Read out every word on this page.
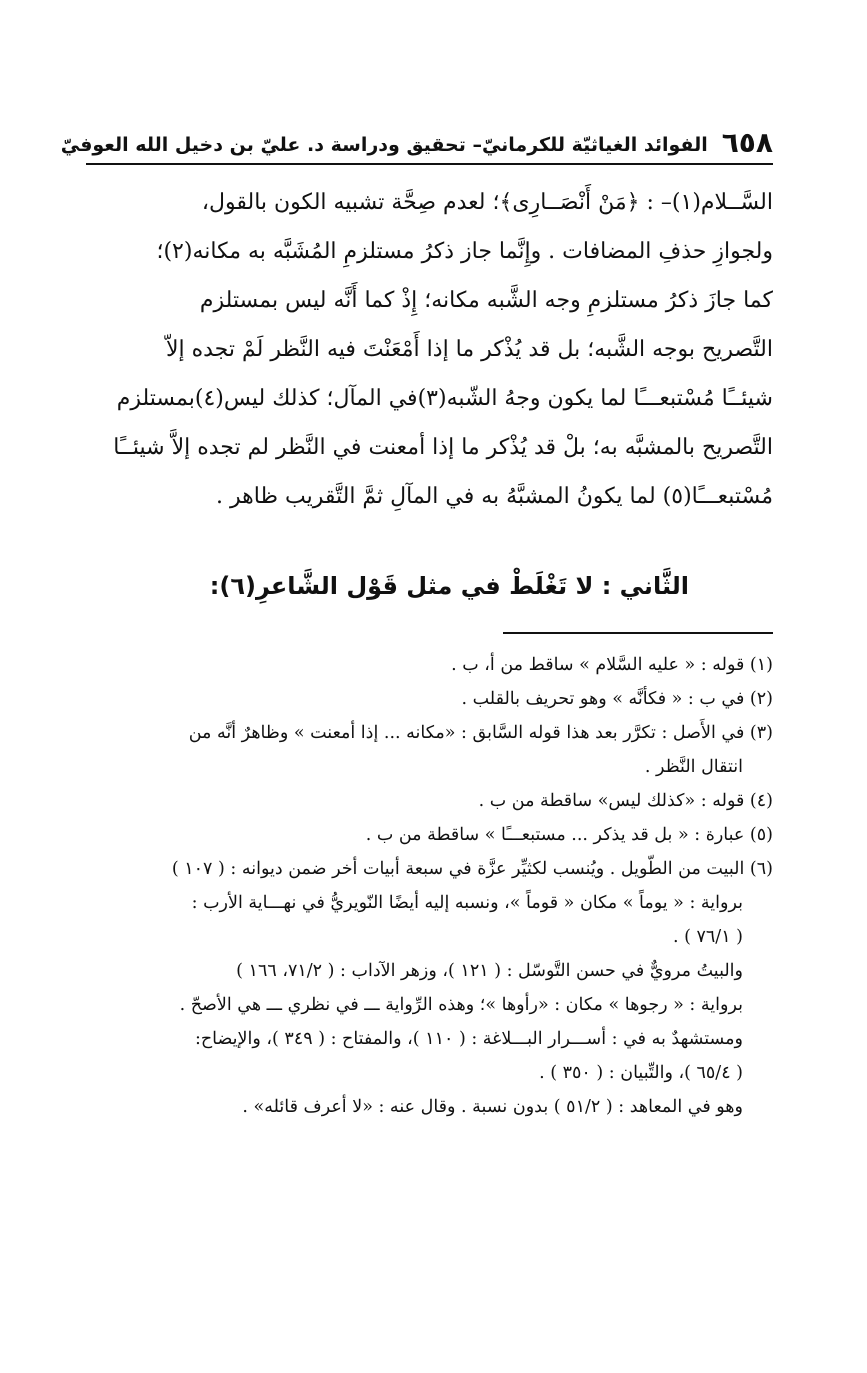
٦٥٨
الفوائد الغياثيّة للكرمانيّ– تحقيق ودراسة د. عليّ بن دخيل الله العوفيّ

السَّــلام(١)– : ﴿مَنْ أَنْصَــارِى﴾؛ لعدم صِحَّة تشبيه الكون بالقول،

ولجوازِ حذفِ المضافات . وإِنَّما جاز ذكرُ مستلزمِ المُشَبَّه به مكانه(٢)؛

كما جازَ ذكرُ مستلزمِ وجه الشَّبه مكانه؛ إِذْ كما أَنَّه ليس بمستلزم

التَّصريح بوجه الشَّبه؛ بل قد يُذْكر ما إذا أَمْعَنْتَ فيه النَّظر لَمْ تجده إلاّ

شيئــًا مُسْتبعـــًا لما يكون وجهُ الشّبه(٣)في المآل؛ كذلك ليس(٤)بمستلزم

التَّصريح بالمشبَّه به؛ بلْ قد يُذْكر ما إذا أمعنت في النَّظر لم تجده إلاَّ شيئــًا

مُسْتبعـــًا(٥) لما يكونُ المشبَّهُ به في المآلِ ثمَّ التَّقريب ظاهر .

الثَّاني : لا تَغْلَطْ في مثل قَوْل الشَّاعرِ(٦):
(١) قوله : « عليه السَّلام » ساقط من أ، ب .
(٢) في ب : « فكأنَّه » وهو تحريف بالقلب .
(٣) في الأَصل : تكرَّر بعد هذا قوله السَّابق : «مكانه ... إذا أمعنت » وظاهرٌ أنَّه من
انتقال النَّظر .
(٤) قوله : «كذلك ليس» ساقطة من ب .
(٥) عبارة : « بل قد يذكر ... مستبعـــًا » ساقطة من ب .
(٦) البيت من الطّويل . ويُنسب لكثيِّر عزَّة في سبعة أبيات أخر ضمن ديوانه : ( ١٠٧ )
برواية : « يوماً » مكان « قوماً »، ونسبه إليه أيضًا النّويريُّ في نهـــاية الأرب :
( ٧٦/١ ) .
والبيتُ مرويٌّ في حسن التَّوسّل : ( ١٢١ )، وزهر الآداب : ( ٧١/٢، ١٦٦ )
برواية : « رجوها » مكان : «رأوها »؛ وهذه الرِّواية ـــ في نظري ـــ هي الأصحّ .
ومستشهدٌ به في : أســـرار البـــلاغة : ( ١١٠ )، والمفتاح : ( ٣٤٩ )، والإيضاح:
( ٦٥/٤ )، والتِّبيان : ( ٣٥٠ ) .
وهو في المعاهد : ( ٥١/٢ ) بدون نسبة . وقال عنه : «لا أعرف قائله» .
